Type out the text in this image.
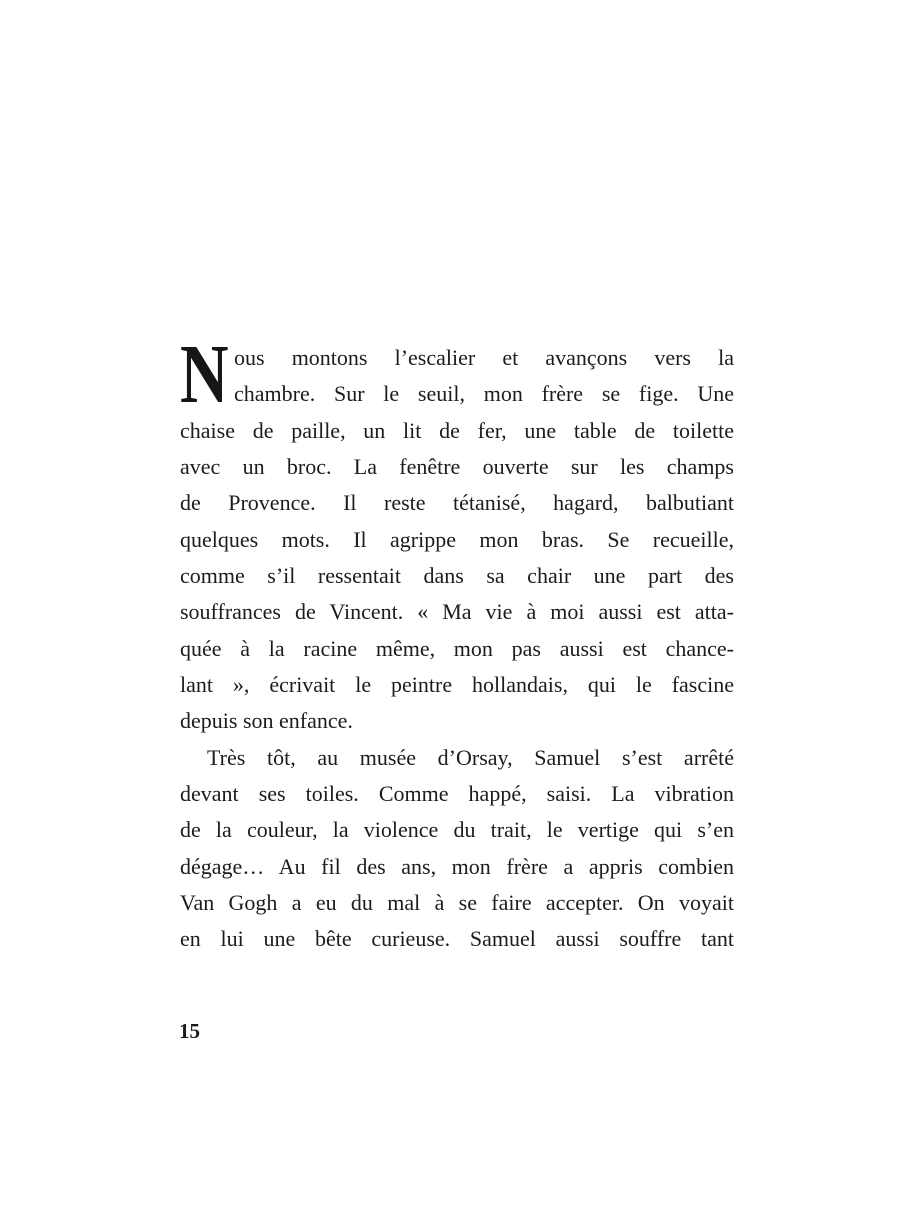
N ous montons l’escalier et avançons vers la
chambre. Sur le seuil, mon frère se fige. Une
chaise de paille, un lit de fer, une table de toilette
avec un broc. La fenêtre ouverte sur les champs
de Provence. Il reste tétanisé, hagard, balbutiant
quelques mots. Il agrippe mon bras. Se recueille,
comme s’il ressentait dans sa chair une part des
souffrances de Vincent. « Ma vie à moi aussi est atta-
quée à la racine même, mon pas aussi est chance-
lant », écrivait le peintre hollandais, qui le fascine
depuis son enfance.
Très tôt, au musée d’Orsay, Samuel s’est arrêté
devant ses toiles. Comme happé, saisi. La vibration
de la couleur, la violence du trait, le vertige qui s’en
dégage… Au fil des ans, mon frère a appris combien
Van Gogh a eu du mal à se faire accepter. On voyait
en lui une bête curieuse. Samuel aussi souffre tant
15
